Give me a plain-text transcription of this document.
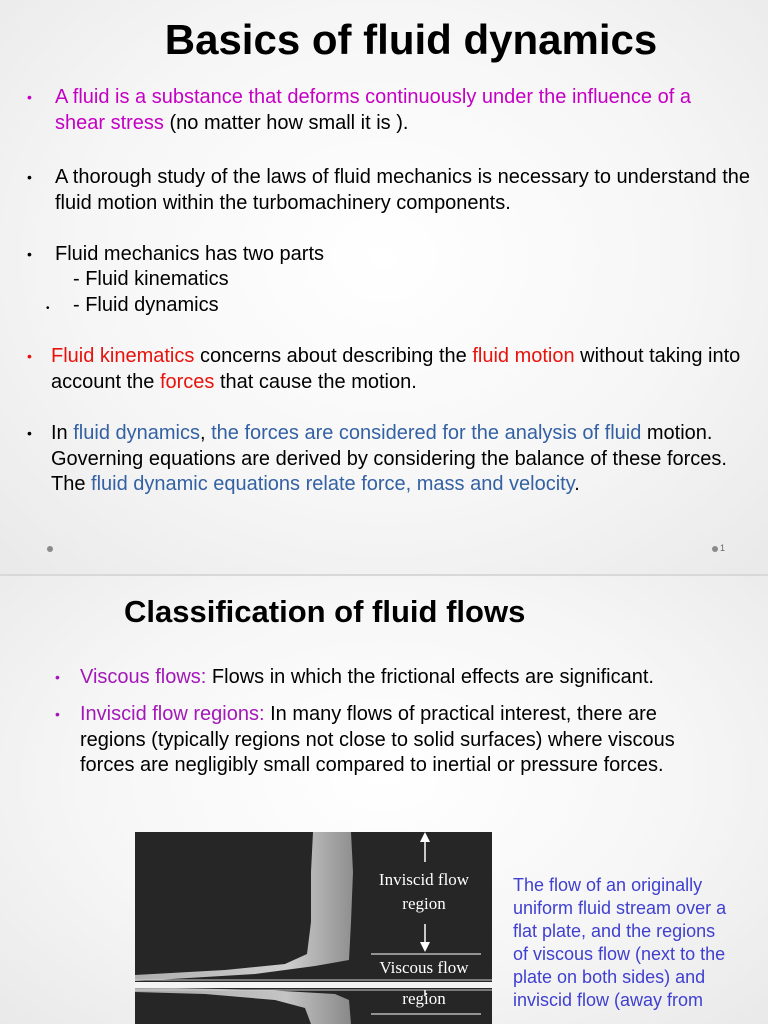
Basics of fluid dynamics
• A fluid is a substance that deforms continuously under the influence of a shear stress (no matter how small it is ).
• A thorough study of the laws of fluid mechanics is necessary to understand the fluid motion within the turbomachinery components.
• Fluid mechanics has two parts
- Fluid kinematics
• - Fluid dynamics
• Fluid kinematics concerns about describing the fluid motion without taking into account the forces that cause the motion.
• In fluid dynamics, the forces are considered for the analysis of fluid motion. Governing equations are derived by considering the balance of these forces. The fluid dynamic equations relate force, mass and velocity.
1
Classification of fluid flows
• Viscous flows: Flows in which the frictional effects are significant.
• Inviscid flow regions: In many flows of practical interest, there are regions (typically regions not close to solid surfaces) where viscous forces are negligibly small compared to inertial or pressure forces.
Inviscid flow
region
Viscous flow
region
The flow of an originally uniform fluid stream over a flat plate, and the regions of viscous flow (next to the plate on both sides) and inviscid flow (away from
